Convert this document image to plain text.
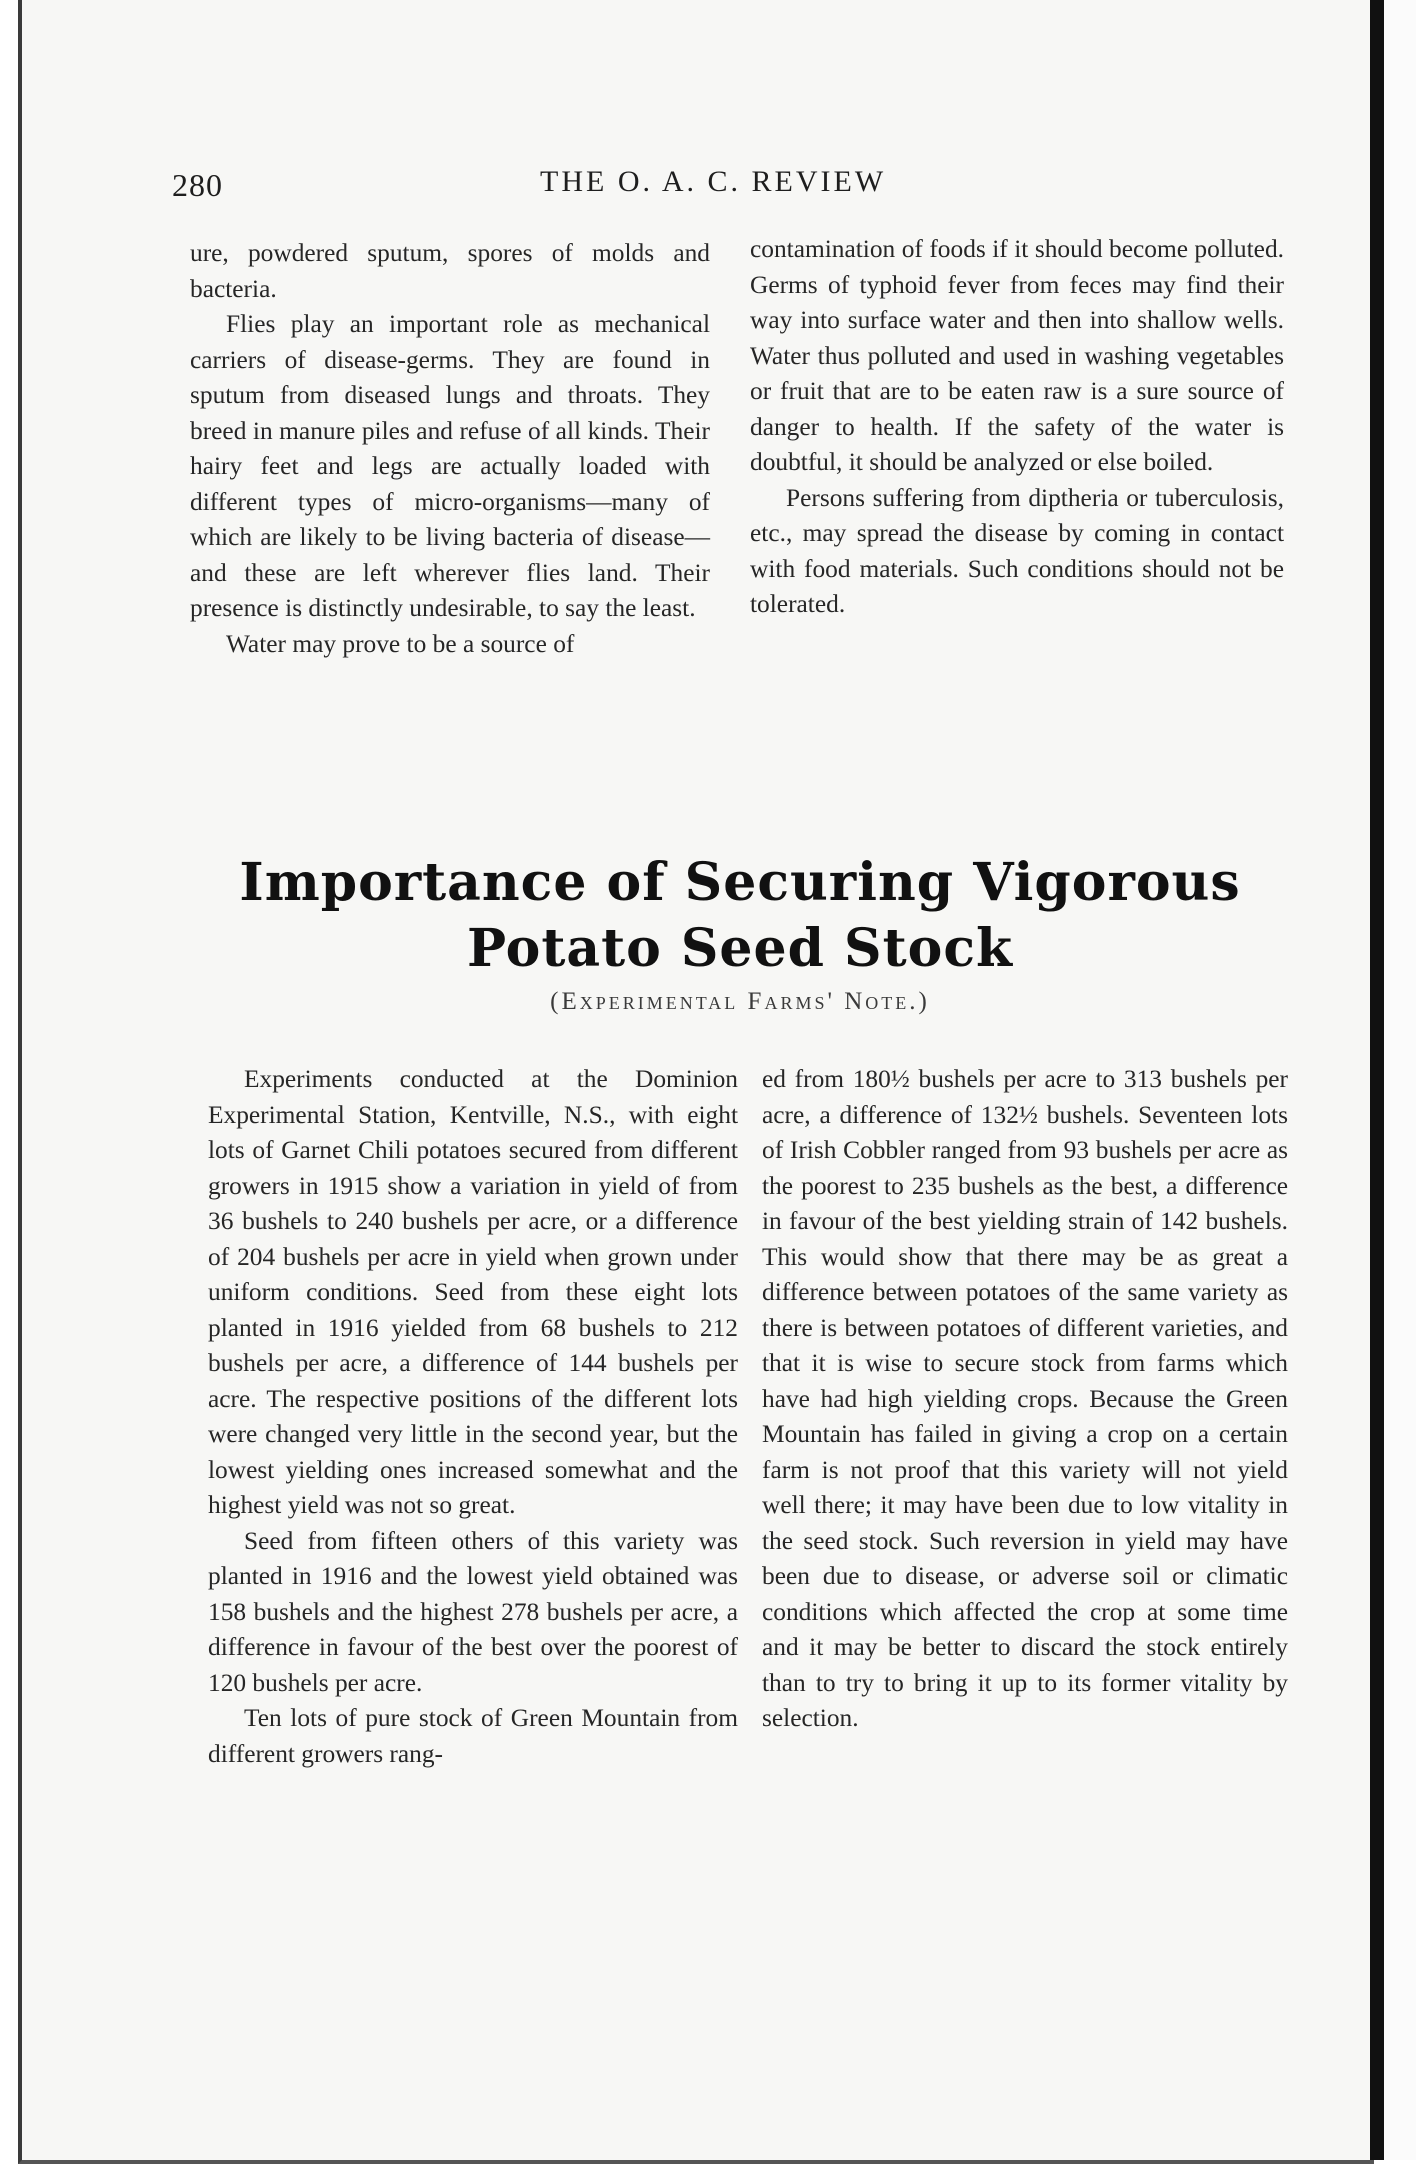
280	THE O. A. C. REVIEW

ure, powdered sputum, spores of molds and bacteria.

Flies play an important role as mechanical carriers of disease-germs. They are found in sputum from diseased lungs and throats. They breed in manure piles and refuse of all kinds. Their hairy feet and legs are actually loaded with different types of micro-organisms—many of which are likely to be living bacteria of disease—and these are left wherever flies land. Their presence is distinctly undesirable, to say the least.

Water may prove to be a source of

contamination of foods if it should become polluted. Germs of typhoid fever from feces may find their way into surface water and then into shallow wells. Water thus polluted and used in washing vegetables or fruit that are to be eaten raw is a sure source of danger to health. If the safety of the water is doubtful, it should be analyzed or else boiled.

Persons suffering from diptheria or tuberculosis, etc., may spread the disease by coming in contact with food materials. Such conditions should not be tolerated.

Importance of Securing Vigorous Potato Seed Stock
(Experimental Farms' Note.)

Experiments conducted at the Dominion Experimental Station, Kentville, N.S., with eight lots of Garnet Chili potatoes secured from different growers in 1915 show a variation in yield of from 36 bushels to 240 bushels per acre, or a difference of 204 bushels per acre in yield when grown under uniform conditions. Seed from these eight lots planted in 1916 yielded from 68 bushels to 212 bushels per acre, a difference of 144 bushels per acre. The respective positions of the different lots were changed very little in the second year, but the lowest yielding ones increased somewhat and the highest yield was not so great.

Seed from fifteen others of this variety was planted in 1916 and the lowest yield obtained was 158 bushels and the highest 278 bushels per acre, a difference in favour of the best over the poorest of 120 bushels per acre.

Ten lots of pure stock of Green Mountain from different growers rang-

ed from 180½ bushels per acre to 313 bushels per acre, a difference of 132½ bushels. Seventeen lots of Irish Cobbler ranged from 93 bushels per acre as the poorest to 235 bushels as the best, a difference in favour of the best yielding strain of 142 bushels. This would show that there may be as great a difference between potatoes of the same variety as there is between potatoes of different varieties, and that it is wise to secure stock from farms which have had high yielding crops. Because the Green Mountain has failed in giving a crop on a certain farm is not proof that this variety will not yield well there; it may have been due to low vitality in the seed stock. Such reversion in yield may have been due to disease, or adverse soil or climatic conditions which affected the crop at some time and it may be better to discard the stock entirely than to try to bring it up to its former vitality by selection.
